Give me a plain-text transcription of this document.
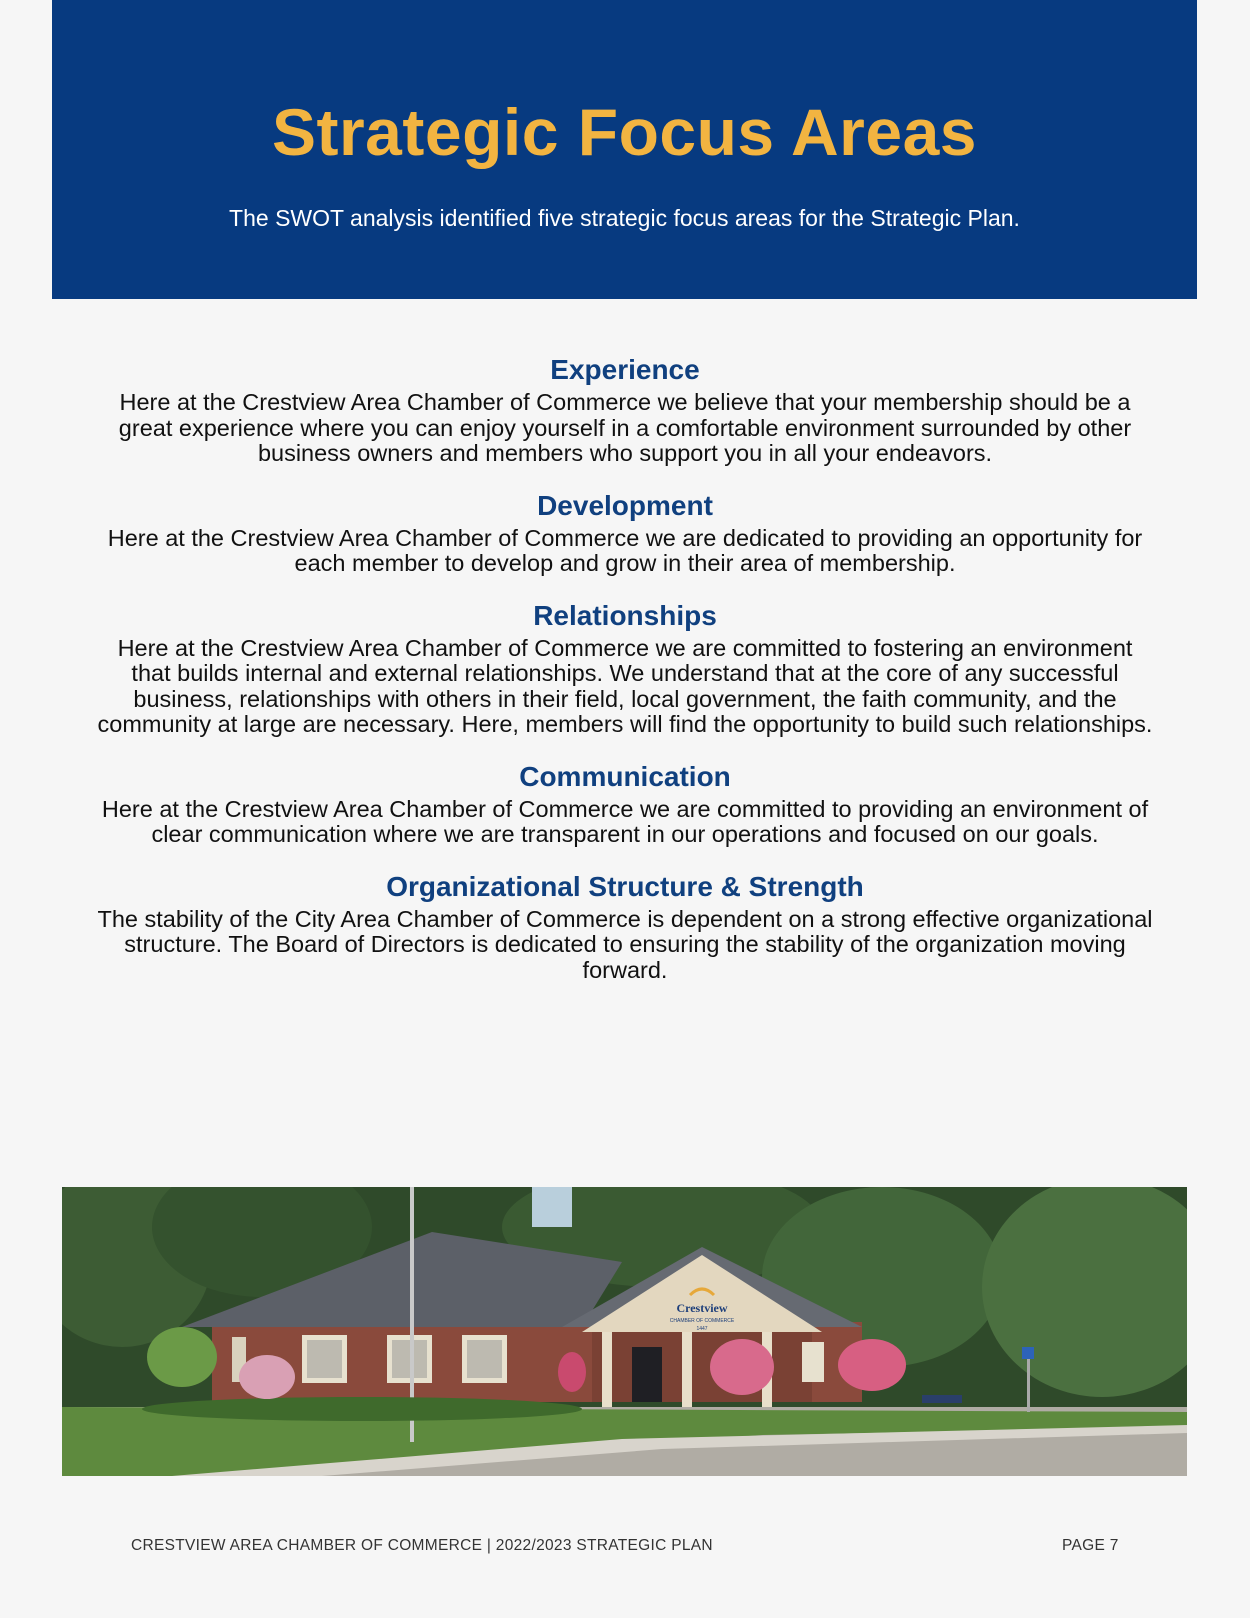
Strategic Focus Areas

The SWOT analysis identified five strategic focus areas for the Strategic Plan.

Experience

Here at the Crestview Area Chamber of Commerce we believe that your membership should be a great experience where you can enjoy yourself in a comfortable environment surrounded by other business owners and members who support you in all your endeavors.

Development

Here at the Crestview Area Chamber of Commerce we are dedicated to providing an opportunity for each member to develop and grow in their area of membership.

Relationships

Here at the Crestview Area Chamber of Commerce we are committed to fostering an environment that builds internal and external relationships. We understand that at the core of any successful business, relationships with others in their field, local government, the faith community, and the community at large are necessary. Here, members will find the opportunity to build such relationships.

Communication

Here at the Crestview Area Chamber of Commerce we are committed to providing an environment of clear communication where we are transparent in our operations and focused on our goals.

Organizational Structure & Strength

The stability of the City Area Chamber of Commerce is dependent on a strong effective organizational structure. The Board of Directors is dedicated to ensuring the stability of the organization moving forward.

Crestview
CHAMBER OF COMMERCE
1447
CRESTVIEW AREA CHAMBER OF COMMERCE | 2022/2023 STRATEGIC PLAN	PAGE 7
